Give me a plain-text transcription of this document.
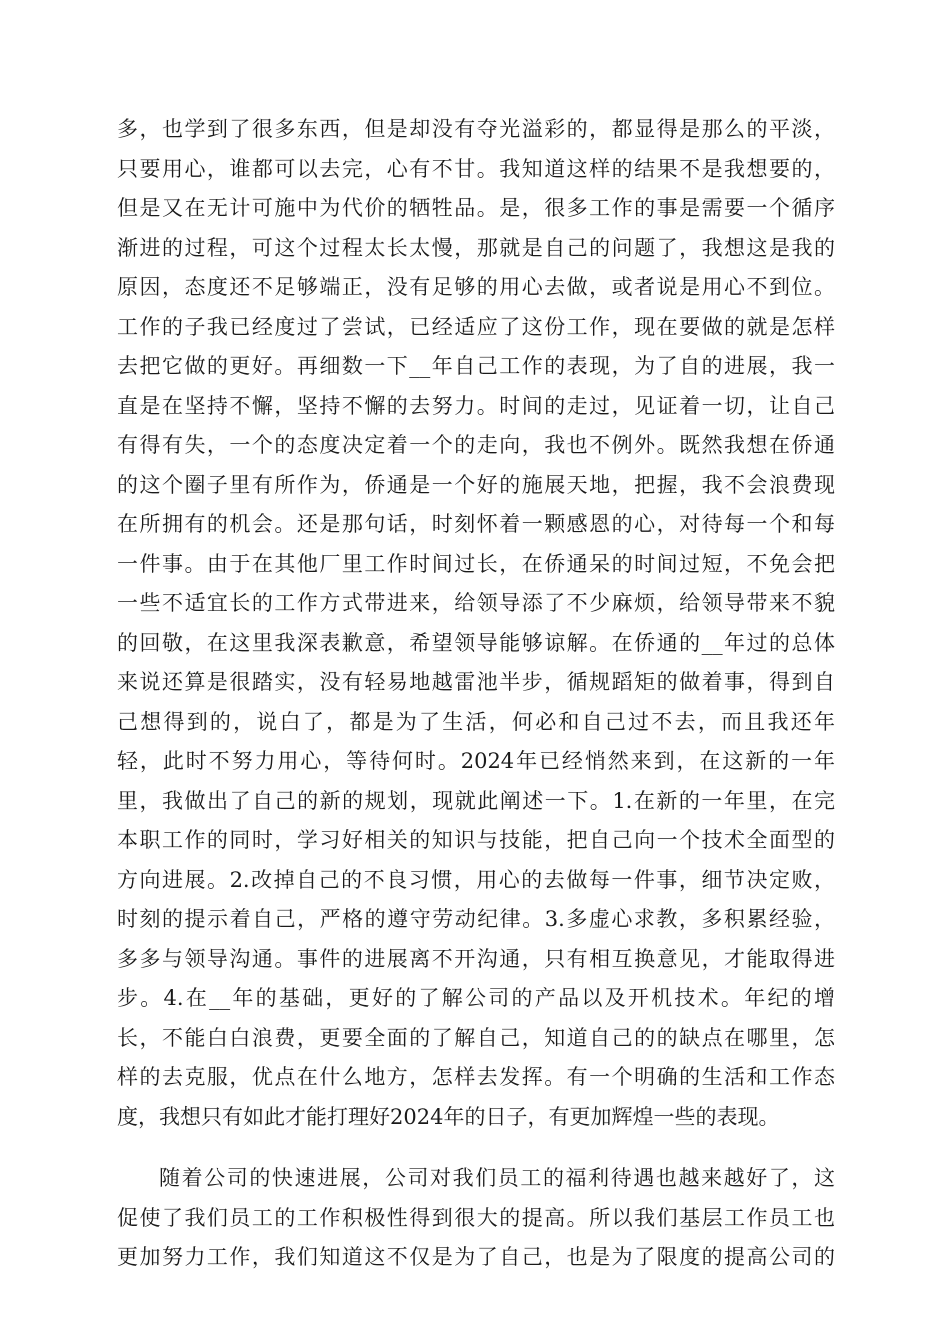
多，也学到了很多东西，但是却没有夺光溢彩的，都显得是那么的平淡，
只要用心，谁都可以去完，心有不甘。我知道这样的结果不是我想要的，
但是又在无计可施中为代价的牺牲品。是，很多工作的事是需要一个循序
渐进的过程，可这个过程太长太慢，那就是自己的问题了，我想这是我的
原因，态度还不足够端正，没有足够的用心去做，或者说是用心不到位。
工作的子我已经度过了尝试，已经适应了这份工作，现在要做的就是怎样
去把它做的更好。再细数一下__年自己工作的表现，为了自的进展，我一
直是在坚持不懈，坚持不懈的去努力。时间的走过，见证着一切，让自己
有得有失，一个的态度决定着一个的走向，我也不例外。既然我想在侨通
的这个圈子里有所作为，侨通是一个好的施展天地，把握，我不会浪费现
在所拥有的机会。还是那句话，时刻怀着一颗感恩的心，对待每一个和每
一件事。由于在其他厂里工作时间过长，在侨通呆的时间过短，不免会把
一些不适宜长的工作方式带进来，给领导添了不少麻烦，给领导带来不貌
的回敬，在这里我深表歉意，希望领导能够谅解。在侨通的__年过的总体
来说还算是很踏实，没有轻易地越雷池半步，循规蹈矩的做着事，得到自
己想得到的，说白了，都是为了生活，何必和自己过不去，而且我还年
轻，此时不努力用心，等待何时。2024年已经悄然来到，在这新的一年
里，我做出了自己的新的规划，现就此阐述一下。1.在新的一年里，在完
本职工作的同时，学习好相关的知识与技能，把自己向一个技术全面型的
方向进展。2.改掉自己的不良习惯，用心的去做每一件事，细节决定败，
时刻的提示着自己，严格的遵守劳动纪律。3.多虚心求教，多积累经验，
多多与领导沟通。事件的进展离不开沟通，只有相互换意见，才能取得进
步。4.在__年的基础，更好的了解公司的产品以及开机技术。年纪的增
长，不能白白浪费，更要全面的了解自己，知道自己的的缺点在哪里，怎
样的去克服，优点在什么地方，怎样去发挥。有一个明确的生活和工作态
度，我想只有如此才能打理好2024年的日子，有更加辉煌一些的表现。
随着公司的快速进展，公司对我们员工的福利待遇也越来越好了，这
促使了我们员工的工作积极性得到很大的提高。所以我们基层工作员工也
更加努力工作，我们知道这不仅是为了自己，也是为了限度的提高公司的
